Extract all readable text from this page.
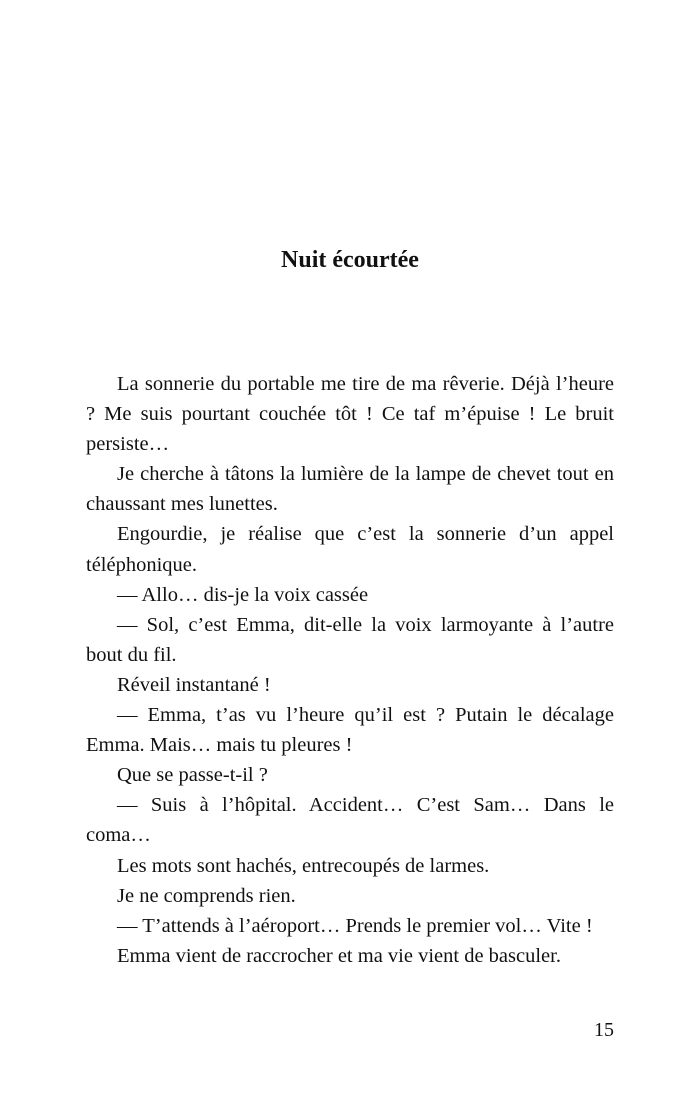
Nuit écourtée

La sonnerie du portable me tire de ma rêverie. Déjà l’heure ? Me suis pourtant couchée tôt ! Ce taf m’épuise ! Le bruit persiste…

Je cherche à tâtons la lumière de la lampe de chevet tout en chaussant mes lunettes.

Engourdie, je réalise que c’est la sonnerie d’un appel téléphonique.

— Allo… dis-je la voix cassée

— Sol, c’est Emma, dit-elle la voix larmoyante à l’autre bout du fil.

Réveil instantané !

— Emma, t’as vu l’heure qu’il est ? Putain le décalage Emma. Mais… mais tu pleures !

Que se passe-t-il ?

— Suis à l’hôpital. Accident… C’est Sam… Dans le coma…

Les mots sont hachés, entrecoupés de larmes.

Je ne comprends rien.

— T’attends à l’aéroport… Prends le premier vol… Vite !

Emma vient de raccrocher et ma vie vient de basculer.

15
